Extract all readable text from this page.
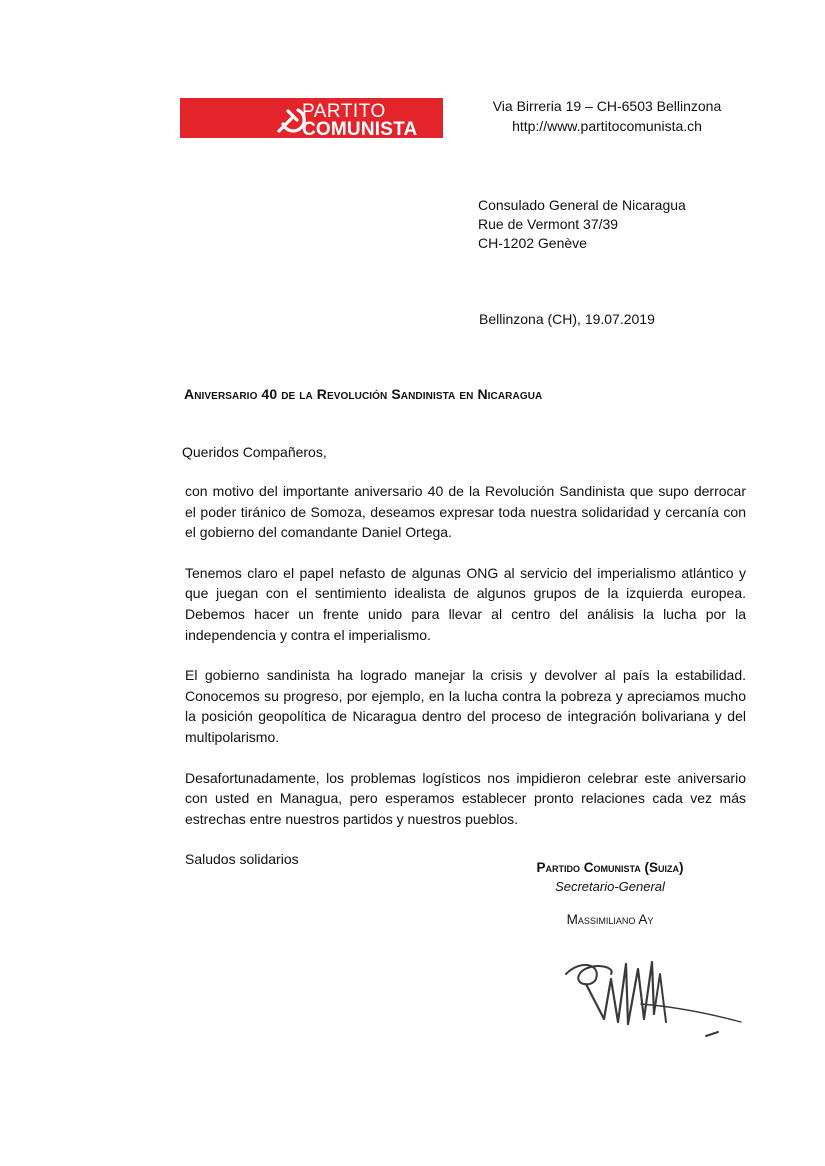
PARTITO
COMUNISTA
Via Birreria 19 – CH-6503 Bellinzona
http://www.partitocomunista.ch
Consulado General de Nicaragua
Rue de Vermont 37/39
CH-1202 Genève
Bellinzona (CH), 19.07.2019
Aniversario 40 de la Revolución Sandinista en Nicaragua
Queridos Compañeros,

con motivo del importante aniversario 40 de la Revolución Sandinista que supo derrocar el poder tiránico de Somoza, deseamos expresar toda nuestra solidaridad y cercanía con el gobierno del comandante Daniel Ortega.

Tenemos claro el papel nefasto de algunas ONG al servicio del imperialismo atlántico y que juegan con el sentimiento idealista de algunos grupos de la izquierda europea. Debemos hacer un frente unido para llevar al centro del análisis la lucha por la independencia y contra el imperialismo.

El gobierno sandinista ha logrado manejar la crisis y devolver al país la estabilidad. Conocemos su progreso, por ejemplo, en la lucha contra la pobreza y apreciamos mucho la posición geopolítica de Nicaragua dentro del proceso de integración bolivariana y del multipolarismo.

Desafortunadamente, los problemas logísticos nos impidieron celebrar este aniversario con usted en Managua, pero esperamos establecer pronto relaciones cada vez más estrechas entre nuestros partidos y nuestros pueblos.

Saludos solidarios

Partido Comunista (Suiza)
Secretario-General
Massimiliano Ay
